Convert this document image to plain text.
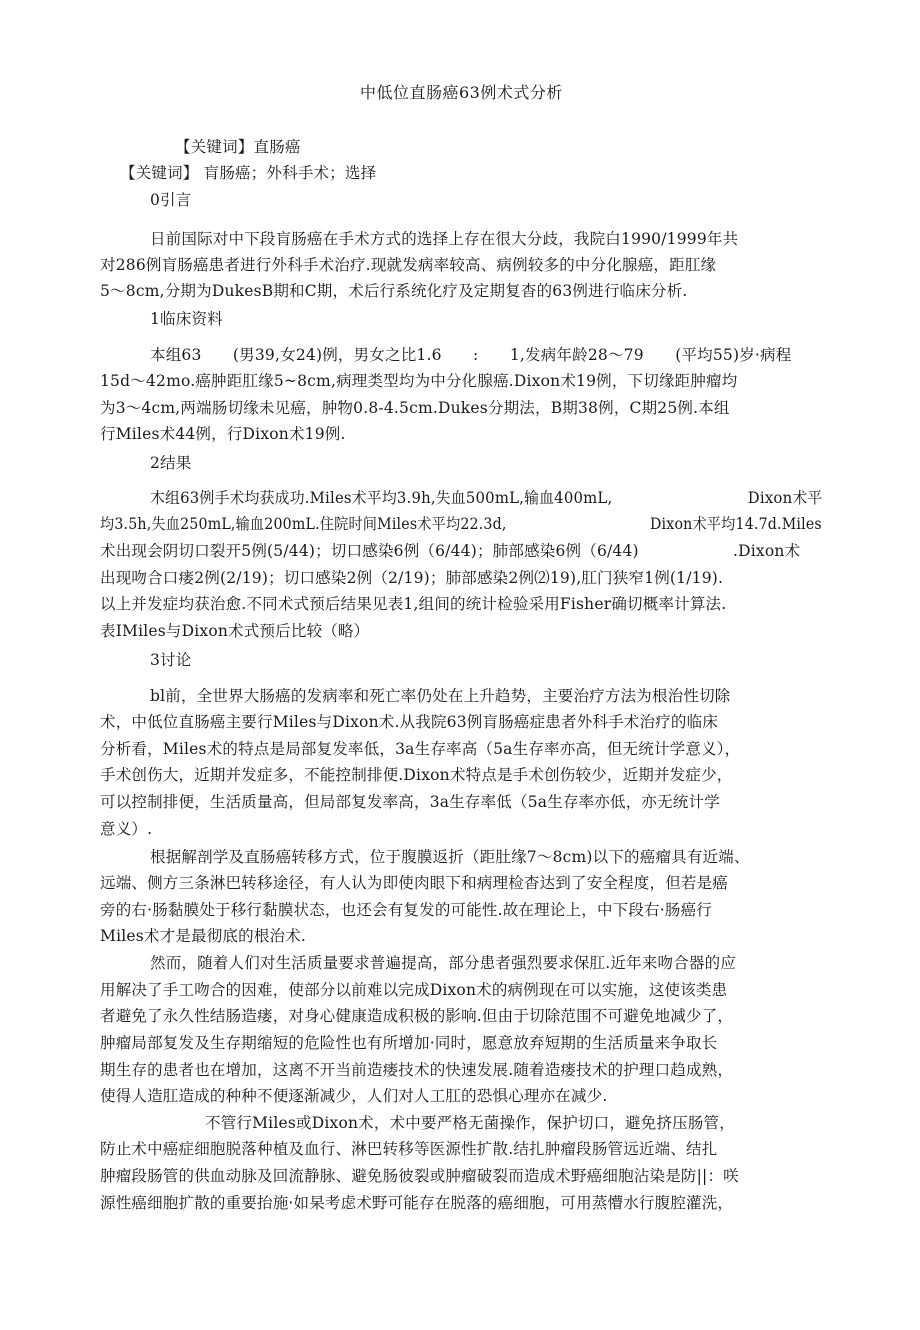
中低位直肠癌63例术式分析
【关键词】直肠癌
【关键词】 肓肠癌；外科手术；选择
0引言
日前国际对中下段肓肠癌在手术方式的选择上存在很大分歧，我院白1990/1999年共
对286例肓肠癌患者进行外科手术治疗.现就发病率较高、病例较多的中分化腺癌，距肛缘
5～8cm,分期为DukesB期和C期，术后行系统化疗及定期复杳的63例进行临床分析.
1临床资料
本组63　　(男39,女24)例，男女之比1.6　　:　　1,发病年龄28～79　　(平均55)岁·病程
15d～42mo.癌肿距肛缘5~8cm,病理类型均为中分化腺癌.Dixon术19例，下切缘距肿瘤均
为3～4cm,两端肠切缘未见癌，肿物0.8-4.5cm.Dukes分期法，B期38例，C期25例.本组
行Miles术44例，行Dixon术19例.
2结果
木组63例手术均获成功.Miles术平均3.9h,失血500mL,输血400mL,　　　　　　　　　Dixon术平
均3.5h,失血250mL,输血200mL.住院时间Miles术平均22.3d,　　　　　　　　　　Dixon术平均14.7d.Miles
术出现会阴切口裂开5例(5/44)；切口感染6例（6/44)；肺部感染6例（6/44)　　　　　　.Dixon术
出现吻合口瘘2例(2/19)；切口感染2例（2/19)；肺部感染2例⑵19),肛门狭窄1例(1/19).
以上并发症均获治愈.不同术式预后结果见表1,组间的统计检验采用Fisher确切概率计算法.
表IMiles与Dixon术式预后比较（略）
3讨论
bl前，全世界大肠癌的发病率和死亡率仍处在上升趋势，主要治疗方法为根治性切除
术，中低位直肠癌主要行Miles与Dixon术.从我院63例肓肠癌症患者外科手术治疗的临床
分析看，Miles术的特点是局部复发率低，3a生存率高（5a生存率亦高，但无统计学意义），
手术创伤大，近期并发症多，不能控制排便.Dixon术特点是手术创伤较少，近期并发症少，
可以控制排便，生活质量高，但局部复发率高，3a生存率低（5a生存率亦低，亦无统计学
意义）.
根据解剖学及直肠癌转移方式，位于腹膜返折（距肚缘7～8cm)以下的癌瘤具有近端、
远端、侧方三条淋巴转移途径，有人认为即使肉眼下和病理检杳达到了安全程度，但若是癌
旁的右·肠黏膜处于移行黏膜状态，也还会有复发的可能性.故在理论上，中下段右·肠癌行
Miles术才是最彻底的根治术.
然而，随着人们对生活质量要求普遍提高，部分患者强烈要求保肛.近年来吻合器的应
用解决了手工吻合的因难，使部分以前难以完成Dixon术的病例现在可以实施，这使该类患
者避免了永久性结肠造瘘，对身心健康造成积极的影响.但由于切除范围不可避免地减少了，
肿瘤局部复发及生存期缩短的危险性也有所增加·同时，愿意放弃短期的生活质量来争取长
期生存的患者也在增加，这离不开当前造瘘技术的快速发展.随着造瘘技术的护理口趋成熟，
使得人造肛造成的种种不便逐渐减少，人们对人工肛的恐惧心理亦在减少.
不管行Miles或Dixon术，术中要严格无菌操作，保护切口，避免挤压肠管，
防止术中癌症细胞脱落种植及血行、淋巴转移等医源性扩散.结扎肿瘤段肠管远近端、结扎
肿瘤段肠管的供血动脉及回流静脉、避免肠彼裂或肿瘤破裂而造成术野癌细胞沾染是防||：咲
源性癌细胞扩散的重要抬施·如杲考虑术野可能存在脱落的癌细胞，可用蒸懵水行腹腔灌洗，
